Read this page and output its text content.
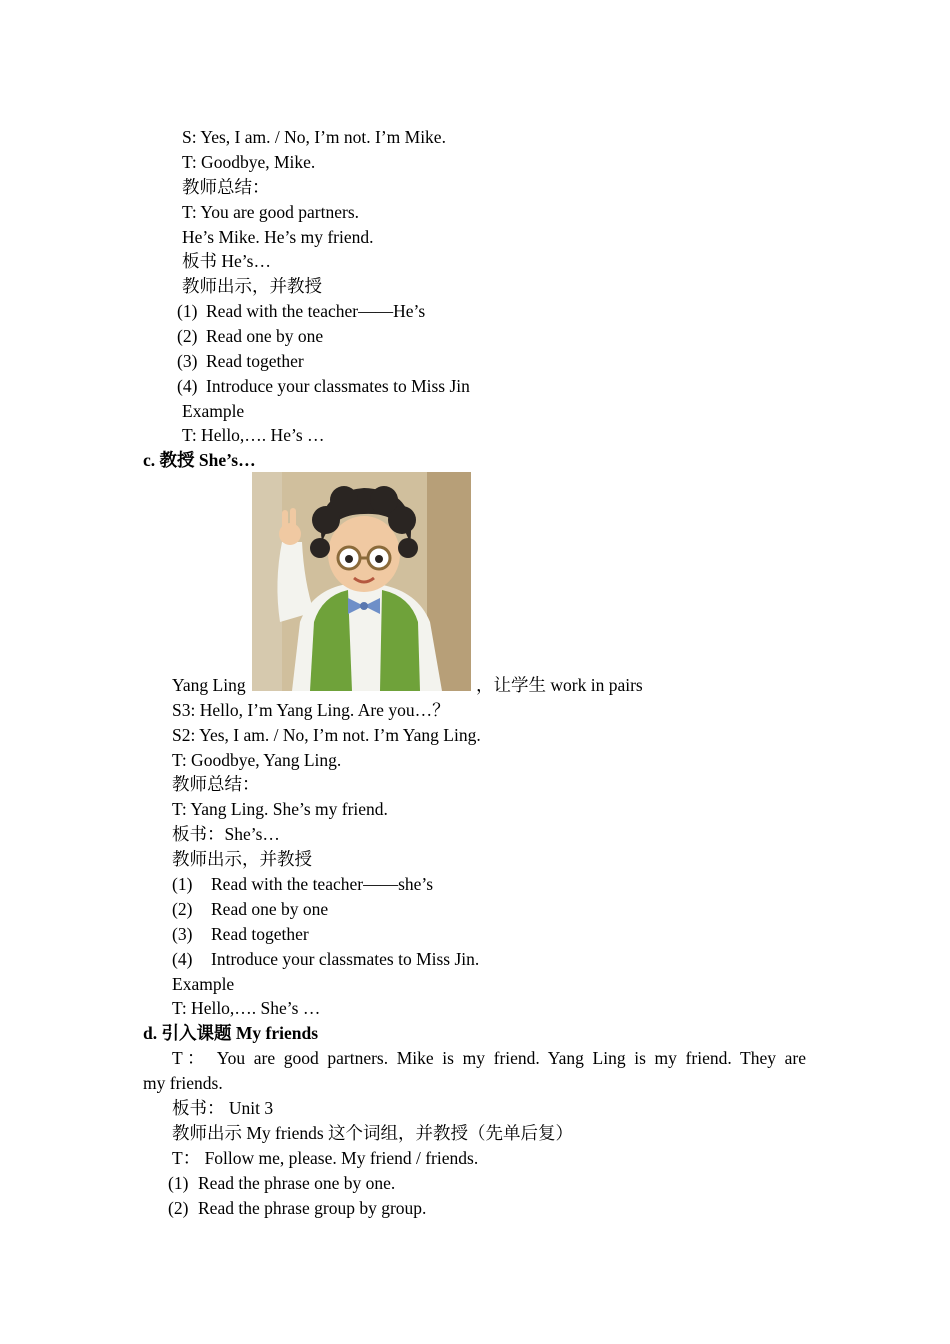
S: Yes, I am. / No, I’m not. I’m Mike.
T: Goodbye, Mike.
教师总结：
T: You are good partners.
He’s Mike. He’s my friend.
板书 He’s…
教师出示，并教授
(1) Read with the teacher——He’s
(2) Read one by one
(3) Read together
(4) Introduce your classmates to Miss Jin
Example
T: Hello,…. He’s …
c. 教授 She’s…
Yang Ling	，让学生 work in pairs
S3: Hello, I’m Yang Ling. Are you…？
S2: Yes, I am. / No, I’m not. I’m Yang Ling.
T: Goodbye, Yang Ling.
教师总结：
T: Yang Ling. She’s my friend.
板书：She’s…
教师出示，并教授
(1) Read with the teacher——she’s
(2) Read one by one
(3) Read together
(4) Introduce your classmates to Miss Jin.
Example
T: Hello,…. She’s …
d. 引入课题 My friends
T： You are good partners. Mike is my friend. Yang Ling is my friend. They are
my friends.
板书： Unit 3
教师出示 My friends 这个词组，并教授（先单后复）
T： Follow me, please. My friend / friends.
(1) Read the phrase one by one.
(2) Read the phrase group by group.
